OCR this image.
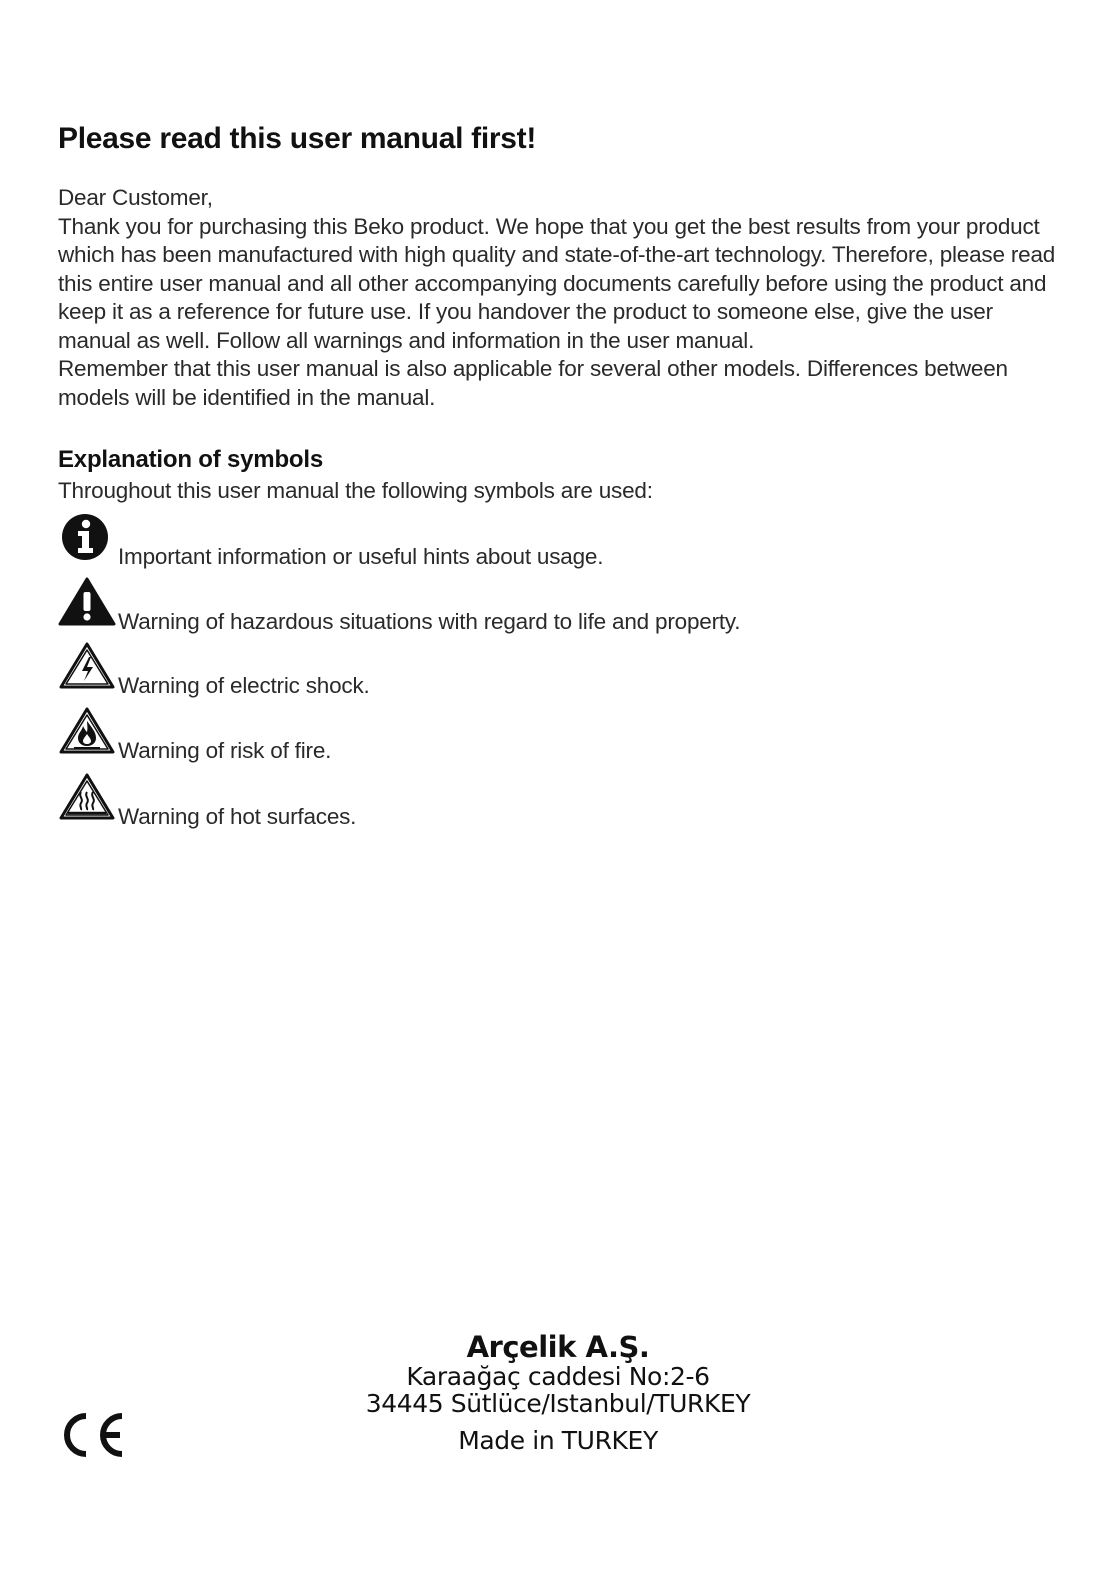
Please read this user manual first!

Dear Customer,

Thank you for purchasing this Beko product. We hope that you get the best results from your product which has been manufactured with high quality and state-of-the-art technology. Therefore, please read this entire user manual and all other accompanying documents carefully before using the product and keep it as a reference for future use. If you handover the product to someone else, give the user manual as well. Follow all warnings and information in the user manual.

Remember that this user manual is also applicable for several other models. Differences between models will be identified in the manual.

Explanation of symbols
Throughout this user manual the following symbols are used:
Important information or useful hints about usage.
Warning of hazardous situations with regard to life and property.
Warning of electric shock.
Warning of risk of fire.
Warning of hot surfaces.
Arçelik A.Ş.
Karaağaç caddesi No:2-6
34445 Sütlüce/Istanbul/TURKEY
Made in TURKEY
